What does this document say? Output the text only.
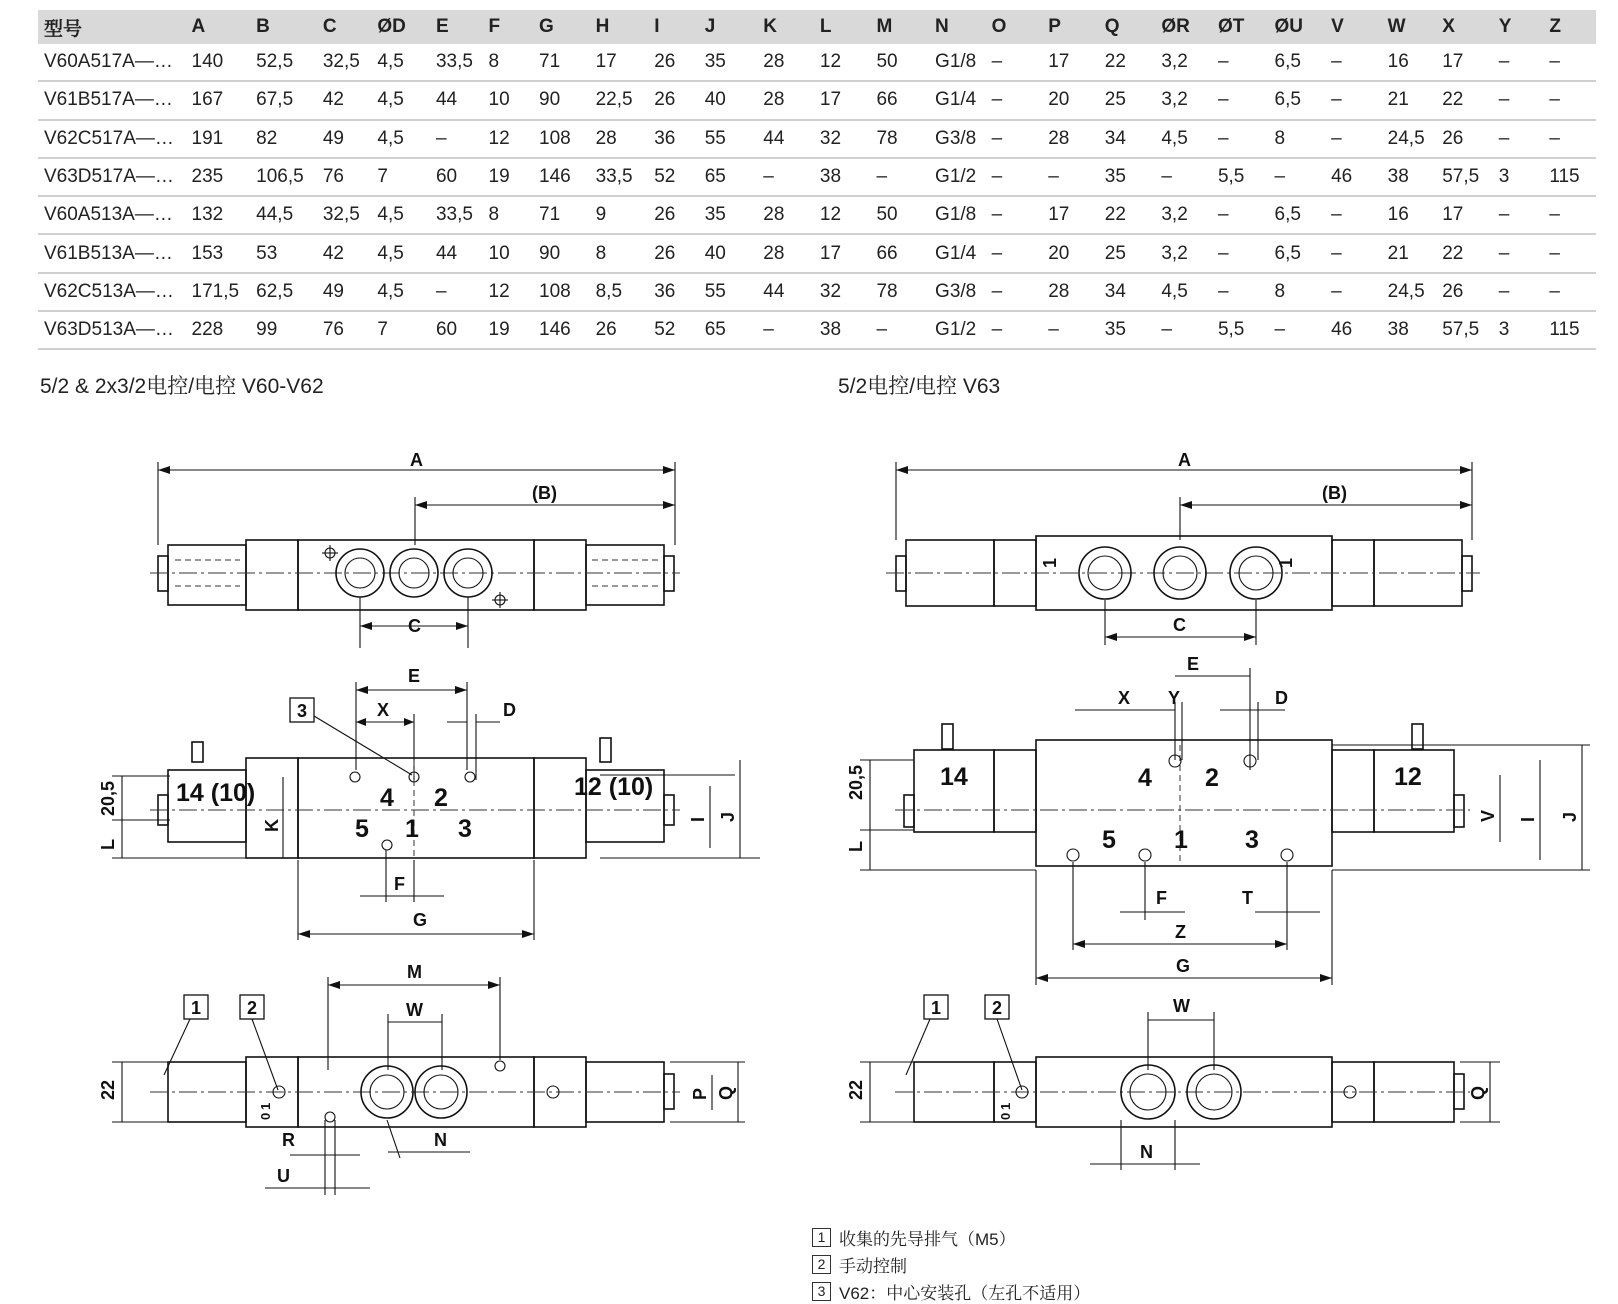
型号	A	B	C	ØD	E	F	G	H	I	J	K	L	M	N	O	P	Q	ØR	ØT	ØU	V	W	X	Y	Z
V60A517A—…	140	52,5	32,5	4,5	33,5	8	71	17	26	35	28	12	50	G1/8	–	17	22	3,2	–	6,5	–	16	17	–	–
V61B517A—…	167	67,5	42	4,5	44	10	90	22,5	26	40	28	17	66	G1/4	–	20	25	3,2	–	6,5	–	21	22	–	–
V62C517A—…	191	82	49	4,5	–	12	108	28	36	55	44	32	78	G3/8	–	28	34	4,5	–	8	–	24,5	26	–	–
V63D517A—…	235	106,5	76	7	60	19	146	33,5	52	65	–	38	–	G1/2	–	–	35	–	5,5	–	46	38	57,5	3	115
V60A513A—…	132	44,5	32,5	4,5	33,5	8	71	9	26	35	28	12	50	G1/8	–	17	22	3,2	–	6,5	–	16	17	–	–
V61B513A—…	153	53	42	4,5	44	10	90	8	26	40	28	17	66	G1/4	–	20	25	3,2	–	6,5	–	21	22	–	–
V62C513A—…	171,5	62,5	49	4,5	–	12	108	8,5	36	55	44	32	78	G3/8	–	28	34	4,5	–	8	–	24,5	26	–	–
V63D513A—…	228	99	76	7	60	19	146	26	52	65	–	38	–	G1/2	–	–	35	–	5,5	–	46	38	57,5	3	115
5/2 & 2x3/2电控/电控 V60-V62	5/2电控/电控 V63
A
(B)
C
E
X	D
3
14 (10)	12 (10)
4 2
5 1 3
20,5
L
K	I J
F
G
M
W
1	2
1
0
22	P Q
R
U
N
A
(B)
1	1
C
E
X Y	D
14	12
4 2
5 1 3
20,5
L
V I J
F	T
Z
G
W
1	2
1
0
22	Q
N
1 收集的先导排气（M5）
2 手动控制
3 V62：中心安装孔（左孔不适用）
